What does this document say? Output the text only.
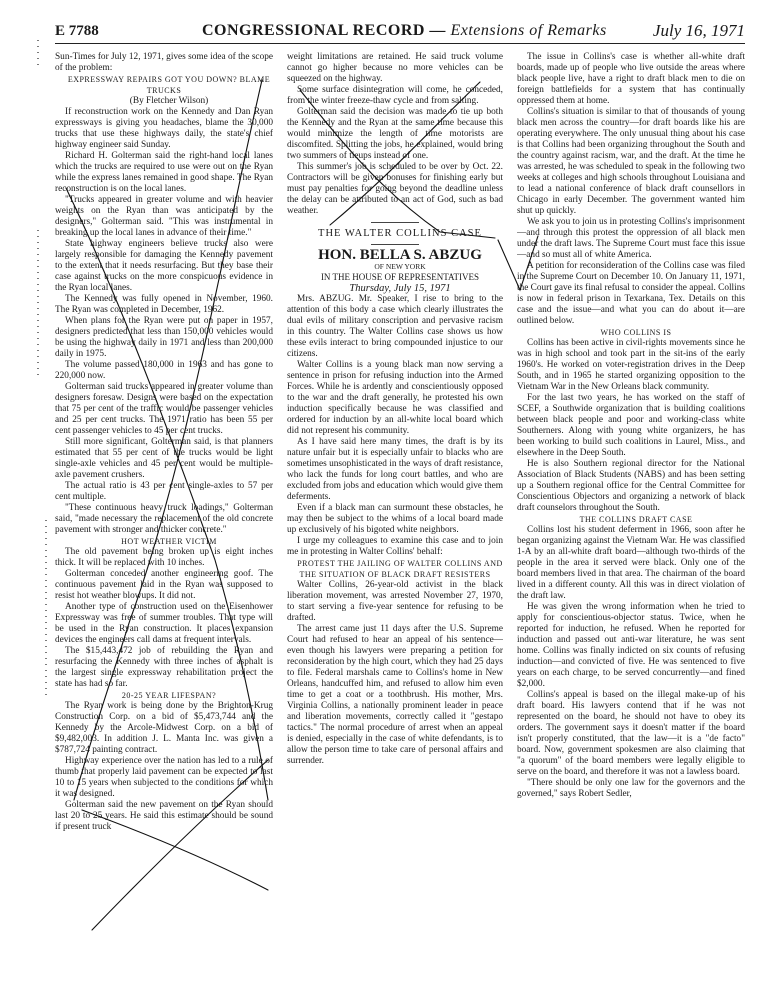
E 7788	CONGRESSIONAL RECORD — Extensions of Remarks	July 16, 1971

Sun-Times for July 12, 1971, gives some idea of the scope of the problem:

EXPRESSWAY REPAIRS GOT YOU DOWN? BLAME TRUCKS

(By Fletcher Wilson)

If reconstruction work on the Kennedy and Dan Ryan expressways is giving you headaches, blame the 30,000 trucks that use these highways daily, the state's chief highway engineer said Sunday.

Richard H. Golterman said the right-hand local lanes which the trucks are required to use were out on the Ryan while the express lanes remained in good shape. The Ryan reconstruction is on the local lanes.

"Trucks appeared in greater volume and with heavier weights on the Ryan than was anticipated by the designers," Golterman said. "This was instrumental in breaking up the local lanes in advance of their time."

State highway engineers believe trucks also were largely responsible for damaging the Kennedy pavement to the extent that it needs resurfacing. But they base their case against trucks on the more conspicuous evidence in the Ryan local lanes.

The Kennedy was fully opened in November, 1960. The Ryan was completed in December, 1962.

When plans for the Ryan were put on paper in 1957, designers predicted that less than 150,000 vehicles would be using the highway daily in 1971 and less than 200,000 daily in 1975.

The volume passed 180,000 in 1963 and has gone to 220,000 now.

Golterman said trucks appeared in greater volume than designers foresaw. Designs were based on the expectation that 75 per cent of the traffic would be passenger vehicles and 25 per cent trucks. The 1971 ratio has been 55 per cent passenger vehicles to 45 per cent trucks.

Still more significant, Golterman said, is that planners estimated that 55 per cent of the trucks would be light single-axle vehicles and 45 per cent would be multiple-axle pavement crushers.

The actual ratio is 43 per cent single-axles to 57 per cent multiple.

"These continuous heavy truck loadings," Golterman said, "made necessary the replacement of the old concrete pavement with stronger and thicker concrete."

HOT WEATHER VICTIM

The old pavement being broken up is eight inches thick. It will be replaced with 10 inches.

Golterman conceded another engineering goof. The continuous pavement laid in the Ryan was supposed to resist hot weather blowups. It did not.

Another type of construction used on the Eisenhower Expressway was free of summer troubles. That type will be used in the Ryan construction. It places expansion devices the engineers call dams at frequent intervals.

The $15,443,472 job of rebuilding the Ryan and resurfacing the Kennedy with three inches of asphalt is the largest single expressway rehabilitation project the state has had so far.

20-25 YEAR LIFESPAN?

The Ryan work is being done by the Brighton-Krug Construction Corp. on a bid of $5,473,744 and the Kennedy by the Arcole-Midwest Corp. on a bid of $9,482,003. In addition J. L. Manta Inc. was given a $787,724 painting contract.

Highway experience over the nation has led to a rule of thumb that properly laid pavement can be expected to last 10 to 15 years when subjected to the conditions for which it was designed.

Golterman said the new pavement on the Ryan should last 20 to 25 years. He said this estimate should be sound if present truck

weight limitations are retained. He said truck volume cannot go higher because no more vehicles can be squeezed on the highway.

Some surface disintegration will come, he conceded, from the winter freeze-thaw cycle and from salting.

Golterman said the decision was made to tie up both the Kennedy and the Ryan at the same time because this would minimize the length of time motorists are discomfited. Splitting the jobs, he explained, would bring two summers of tieups instead of one.

This summer's job is scheduled to be over by Oct. 22. Contractors will be given bonuses for finishing early but must pay penalties for going beyond the deadline unless the delay can be attributed to an act of God, such as bad weather.

THE WALTER COLLINS CASE

HON. BELLA S. ABZUG

OF NEW YORK

IN THE HOUSE OF REPRESENTATIVES

Thursday, July 15, 1971

Mrs. ABZUG. Mr. Speaker, I rise to bring to the attention of this body a case which clearly illustrates the dual evils of military conscription and pervasive racism in this country. The Walter Collins case shows us how these evils interact to bring compounded injustice to our citizens.

Walter Collins is a young black man now serving a sentence in prison for refusing induction into the Armed Forces. While he is ardently and conscientiously opposed to the war and the draft generally, he protested his own induction specifically because he was classified and ordered for induction by an all-white local board which did not represent his community.

As I have said here many times, the draft is by its nature unfair but it is especially unfair to blacks who are sometimes unsophisticated in the ways of draft resistance, who lack the funds for long court battles, and who are excluded from jobs and education which would give them deferments.

Even if a black man can surmount these obstacles, he may then be subject to the whims of a local board made up exclusively of his bigoted white neighbors.

I urge my colleagues to examine this case and to join me in protesting in Walter Collins' behalf:

PROTEST THE JAILING OF WALTER COLLINS AND THE SITUATION OF BLACK DRAFT RESISTERS

Walter Collins, 26-year-old activist in the black liberation movement, was arrested November 27, 1970, to start serving a five-year sentence for refusing to be drafted.

The arrest came just 11 days after the U.S. Supreme Court had refused to hear an appeal of his sentence—even though his lawyers were preparing a petition for reconsideration by the high court, which they had 25 days to file. Federal marshals came to Collins's home in New Orleans, handcuffed him, and refused to allow him even time to get a coat or a toothbrush. His mother, Mrs. Virginia Collins, a nationally prominent leader in peace and liberation movements, correctly called it "gestapo tactics." The normal procedure of arrest when an appeal is denied, especially in the case of white defendants, is to allow the person time to take care of personal affairs and surrender.

The issue in Collins's case is whether all-white draft boards, made up of people who live outside the areas where black people live, have a right to draft black men to die on foreign battlefields for a system that has continually oppressed them at home.

Collins's situation is similar to that of thousands of young black men across the country—for draft boards like his are operating everywhere. The only unusual thing about his case is that Collins had been organizing throughout the South and the country against racism, war, and the draft. At the time he was arrested, he was scheduled to speak in the following two weeks at colleges and high schools throughout Louisiana and to lead a national conference of black draft counsellors in Chicago in early December. The government wanted him shut up quickly.

We ask you to join us in protesting Collins's imprisonment—and through this protest the oppression of all black men under the draft laws. The Supreme Court must face this issue—and so must all of white America.

A petition for reconsideration of the Collins case was filed in the Supreme Court on December 10. On January 11, 1971, the Court gave its final refusal to consider the appeal. Collins is now in federal prison in Texarkana, Tex. Details on this case and the issue—and what you can do about it—are outlined below.

WHO COLLINS IS

Collins has been active in civil-rights movements since he was in high school and took part in the sit-ins of the early 1960's. He worked on voter-registration drives in the Deep South, and in 1965 he started organizing opposition to the Vietnam War in the New Orleans black community.

For the last two years, he has worked on the staff of SCEF, a Southwide organization that is building coalitions between black people and poor and working-class white Southerners. Along with young white organizers, he has been working to build such coalitions in Laurel, Miss., and elsewhere in the Deep South.

He is also Southern regional director for the National Association of Black Students (NABS) and has been setting up a Southern regional office for the Central Committee for Conscientious Objectors and organizing a network of black draft counselors throughout the South.

THE COLLINS DRAFT CASE

Collins lost his student deferment in 1966, soon after he began organizing against the Vietnam War. He was classified 1-A by an all-white draft board—although two-thirds of the people in the area it served were black. Only one of the board members lived in that area. The chairman of the board lived in a different county. All this was in direct violation of the draft law.

He was given the wrong information when he tried to apply for conscientious-objector status. Twice, when he reported for induction, he refused. When he reported for induction and passed out anti-war literature, he was sent home. Collins was finally indicted on six counts of refusing induction—and convicted of five. He was sentenced to five years on each charge, to be served concurrently—and fined $2,000.

Collins's appeal is based on the illegal make-up of his draft board. His lawyers contend that if he was not represented on the board, he should not have to obey its orders. The government says it doesn't matter if the board isn't properly constituted, that the law—it is a "de facto" board. Now, government spokesmen are also claiming that "a quorum" of the board members were legally eligible to serve on the board, and therefore it was not a lawless board.

"There should be only one law for the governors and the governed," says Robert Sedler,
